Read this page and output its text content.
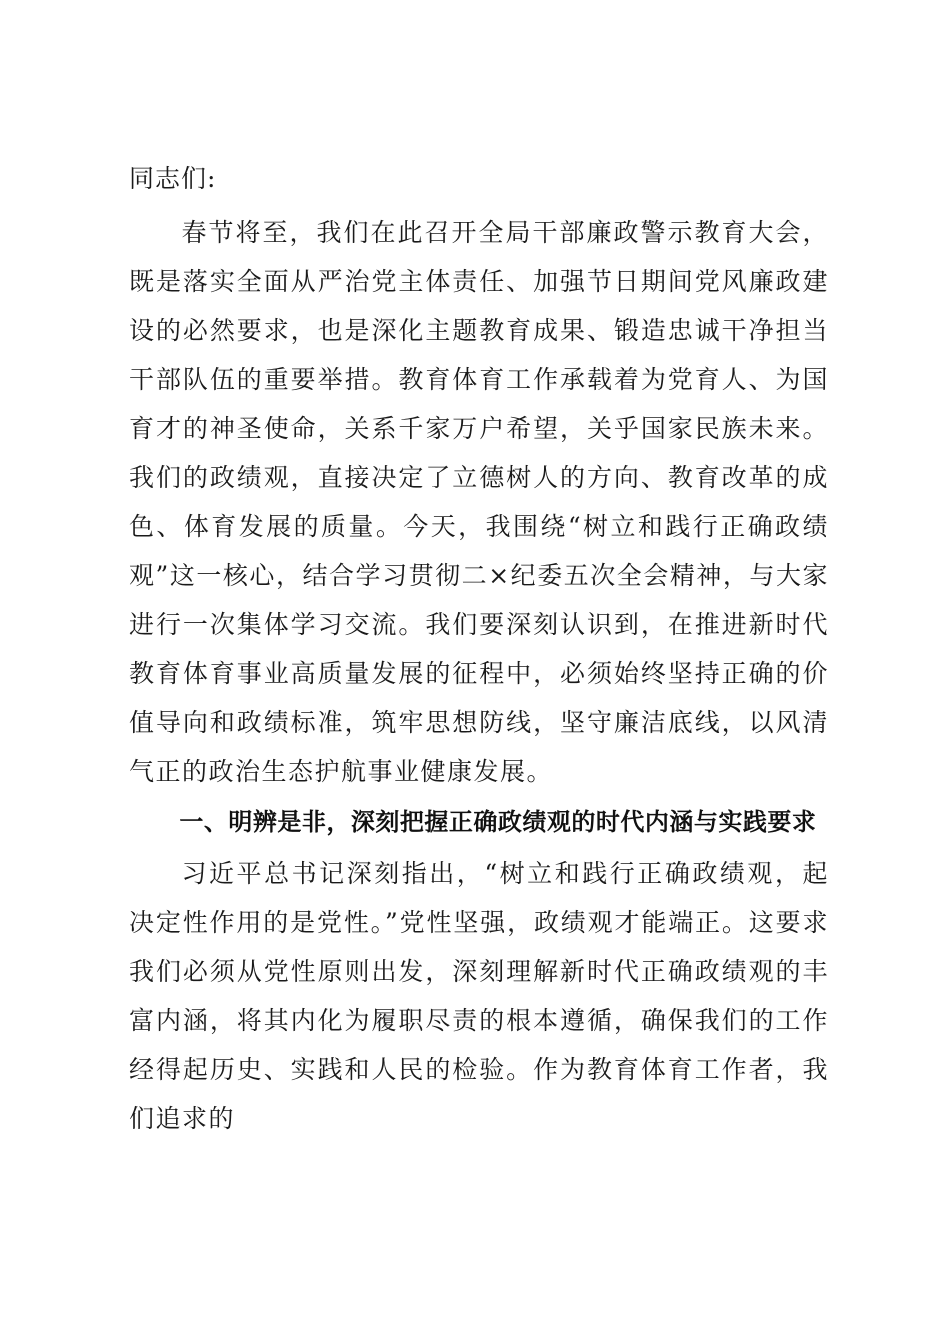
同志们:

春节将至，我们在此召开全局干部廉政警示教育大会，既是落实全面从严治党主体责任、加强节日期间党风廉政建设的必然要求，也是深化主题教育成果、锻造忠诚干净担当干部队伍的重要举措。教育体育工作承载着为党育人、为国育才的神圣使命，关系千家万户希望，关乎国家民族未来。我们的政绩观，直接决定了立德树人的方向、教育改革的成色、体育发展的质量。今天，我围绕“树立和践行正确政绩观”这一核心，结合学习贯彻二×纪委五次全会精神，与大家进行一次集体学习交流。我们要深刻认识到，在推进新时代教育体育事业高质量发展的征程中，必须始终坚持正确的价值导向和政绩标准，筑牢思想防线，坚守廉洁底线，以风清气正的政治生态护航事业健康发展。

一、明辨是非，深刻把握正确政绩观的时代内涵与实践要求

习近平总书记深刻指出，“树立和践行正确政绩观，起决定性作用的是党性。”党性坚强，政绩观才能端正。这要求我们必须从党性原则出发，深刻理解新时代正确政绩观的丰富内涵，将其内化为履职尽责的根本遵循，确保我们的工作经得起历史、实践和人民的检验。作为教育体育工作者，我们追求的
